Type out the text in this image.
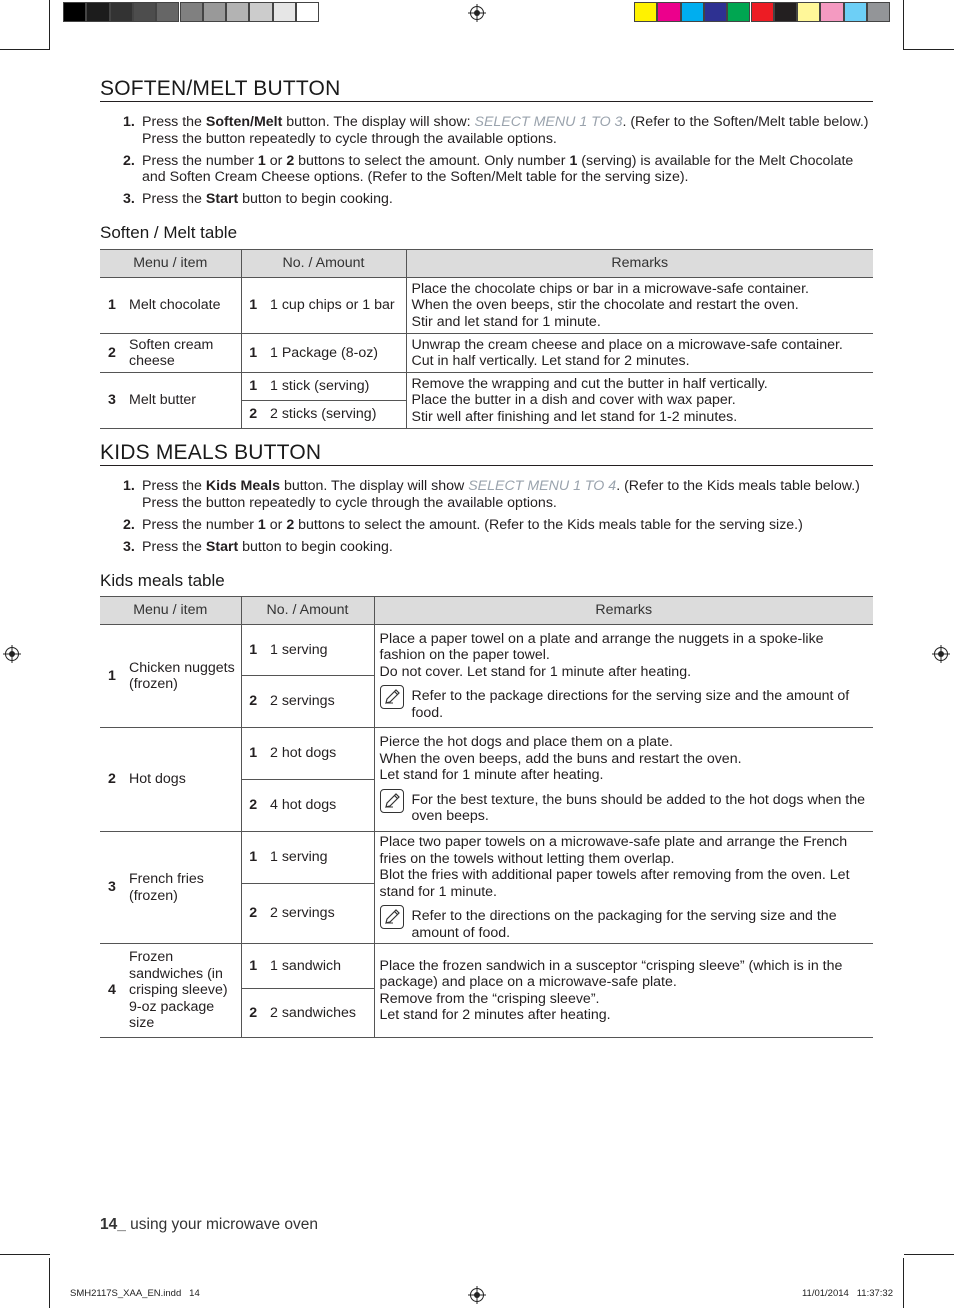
SOFTEN/MELT BUTTON
1. Press the Soften/Melt button. The display will show: SELECT MENU 1 TO 3. (Refer to the Soften/Melt table below.) Press the button repeatedly to cycle through the available options.
2. Press the number 1 or 2 buttons to select the amount. Only number 1 (serving) is available for the Melt Chocolate and Soften Cream Cheese options. (Refer to the Soften/Melt table for the serving size).
3. Press the Start button to begin cooking.
Soften / Melt table
Menu / item		No. / Amount		Remarks
1	Melt chocolate	1	1 cup chips or 1 bar	Place the chocolate chips or bar in a microwave-safe container.
When the oven beeps, stir the chocolate and restart the oven.
Stir and let stand for 1 minute.
2	Soften cream cheese	1	1 Package (8-oz)	Unwrap the cream cheese and place on a microwave-safe container.
Cut in half vertically. Let stand for 2 minutes.
3	Melt butter	1	1 stick (serving)	Remove the wrapping and cut the butter in half vertically.
Place the butter in a dish and cover with wax paper.
Stir well after finishing and let stand for 1-2 minutes.
		2	2 sticks (serving)	
KIDS MEALS BUTTON
1. Press the Kids Meals button. The display will show SELECT MENU 1 TO 4. (Refer to the Kids meals table below.) Press the button repeatedly to cycle through the available options.
2. Press the number 1 or 2 buttons to select the amount. (Refer to the Kids meals table for the serving size.)
3. Press the Start button to begin cooking.
Kids meals table
Menu / item		No. / Amount		Remarks
1	Chicken nuggets (frozen)	1	1 serving	Place a paper towel on a plate and arrange the nuggets in a spoke-like fashion on the paper towel.
Do not cover. Let stand for 1 minute after heating.
Refer to the package directions for the serving size and the amount of food.

		2	2 servings	
2	Hot dogs	1	2 hot dogs	Pierce the hot dogs and place them on a plate.
When the oven beeps, add the buns and restart the oven.
Let stand for 1 minute after heating.
For the best texture, the buns should be added to the hot dogs when the oven beeps.

		2	4 hot dogs	
3	French fries (frozen)	1	1 serving	Place two paper towels on a microwave-safe plate and arrange the French fries on the towels without letting them overlap.
Blot the fries with additional paper towels after removing from the oven. Let stand for 1 minute.
Refer to the directions on the packaging for the serving size and the amount of food.

		2	2 servings	
4	Frozen sandwiches (in crisping sleeve) 9-oz package size	1	1 sandwich	Place the frozen sandwich in a susceptor “crisping sleeve” (which is in the package) and place on a microwave-safe plate.
Remove from the “crisping sleeve”.
Let stand for 2 minutes after heating.
		2	2 sandwiches	
14_ using your microwave oven
SMH2117S_XAA_EN.indd   14	11/01/2014   11:37:32
